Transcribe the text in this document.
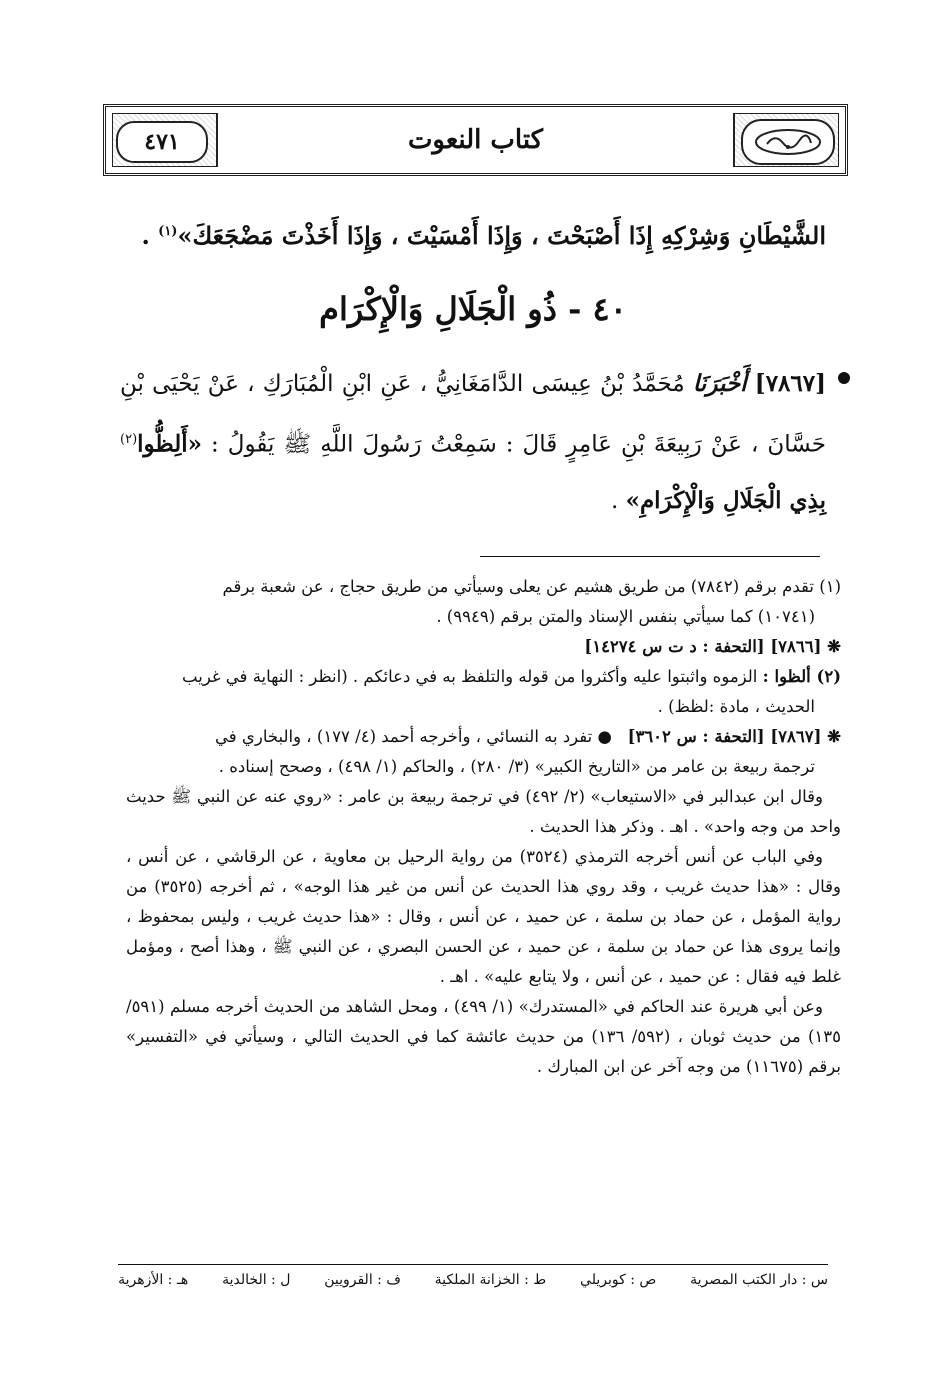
كتاب النعوت
٤٧١
الشَّيْطَانِ وَشِرْكِهِ إِذَا أَصْبَحْتَ ، وَإِذَا أَمْسَيْتَ ، وَإِذَا أَخَذْتَ مَضْجَعَكَ»$^{(١)}$ .
٤٠ - ذُو الْجَلَالِ وَالْإِكْرَام
[٧٨٦٧] أَخْبَرَنَا مُحَمَّدُ بْنُ عِيسَى الدَّامَغَانِيُّ ، عَنِ ابْنِ الْمُبَارَكِ ، عَنْ يَحْيَى بْنِ حَسَّانَ ، عَنْ رَبِيعَةَ بْنِ عَامِرٍ قَالَ : سَمِعْتُ رَسُولَ اللَّهِ ﷺ يَقُولُ : «أَلِظُّوا$^{(٢)}$ بِذِي الْجَلَالِ وَالْإِكْرَامِ» .

(١) تقدم برقم (٧٨٤٢) من طريق هشيم عن يعلى وسيأتي من طريق حجاج ، عن شعبة برقم

(١٠٧٤١) كما سيأتي بنفس الإسناد والمتن برقم (٩٩٤٩) .

❋ [٧٨٦٦] [التحفة : د ت س ١٤٢٧٤]

(٢) ألظوا : الزموه واثبتوا عليه وأكثروا من قوله والتلفظ به في دعائكم . (انظر : النهاية في غريب

الحديث ، مادة :لظظ) .

❋ [٧٨٦٧] [التحفة : س ٣٦٠٢]   ● تفرد به النسائي ، وأخرجه أحمد (٤/ ١٧٧) ، والبخاري في

ترجمة ربيعة بن عامر من «التاريخ الكبير» (٣/ ٢٨٠) ، والحاكم (١/ ٤٩٨) ، وصحح إسناده .

وقال ابن عبدالبر في «الاستيعاب» (٢/ ٤٩٢) في ترجمة ربيعة بن عامر : «روي عنه عن النبي ﷺ حديث واحد من وجه واحد» . اهـ . وذكر هذا الحديث .

وفي الباب عن أنس أخرجه الترمذي (٣٥٢٤) من رواية الرحيل بن معاوية ، عن الرقاشي ، عن أنس ، وقال : «هذا حديث غريب ، وقد روي هذا الحديث عن أنس من غير هذا الوجه» ، ثم أخرجه (٣٥٢٥) من رواية المؤمل ، عن حماد بن سلمة ، عن حميد ، عن أنس ، وقال : «هذا حديث غريب ، وليس بمحفوظ ، وإنما يروى هذا عن حماد بن سلمة ، عن حميد ، عن الحسن البصري ، عن النبي ﷺ ، وهذا أصح ، ومؤمل غلط فيه فقال : عن حميد ، عن أنس ، ولا يتابع عليه» . اهـ .

وعن أبي هريرة عند الحاكم في «المستدرك» (١/ ٤٩٩) ، ومحل الشاهد من الحديث أخرجه مسلم (٥٩١/ ١٣٥) من حديث ثوبان ، (٥٩٢/ ١٣٦) من حديث عائشة كما في الحديث التالي ، وسيأتي في «التفسير» برقم (١١٦٧٥) من وجه آخر عن ابن المبارك .

س : دار الكتب المصرية
ص : كوبريلي
ط : الخزانة الملكية
ف : القرويين
ل : الخالدية
هـ : الأزهرية
